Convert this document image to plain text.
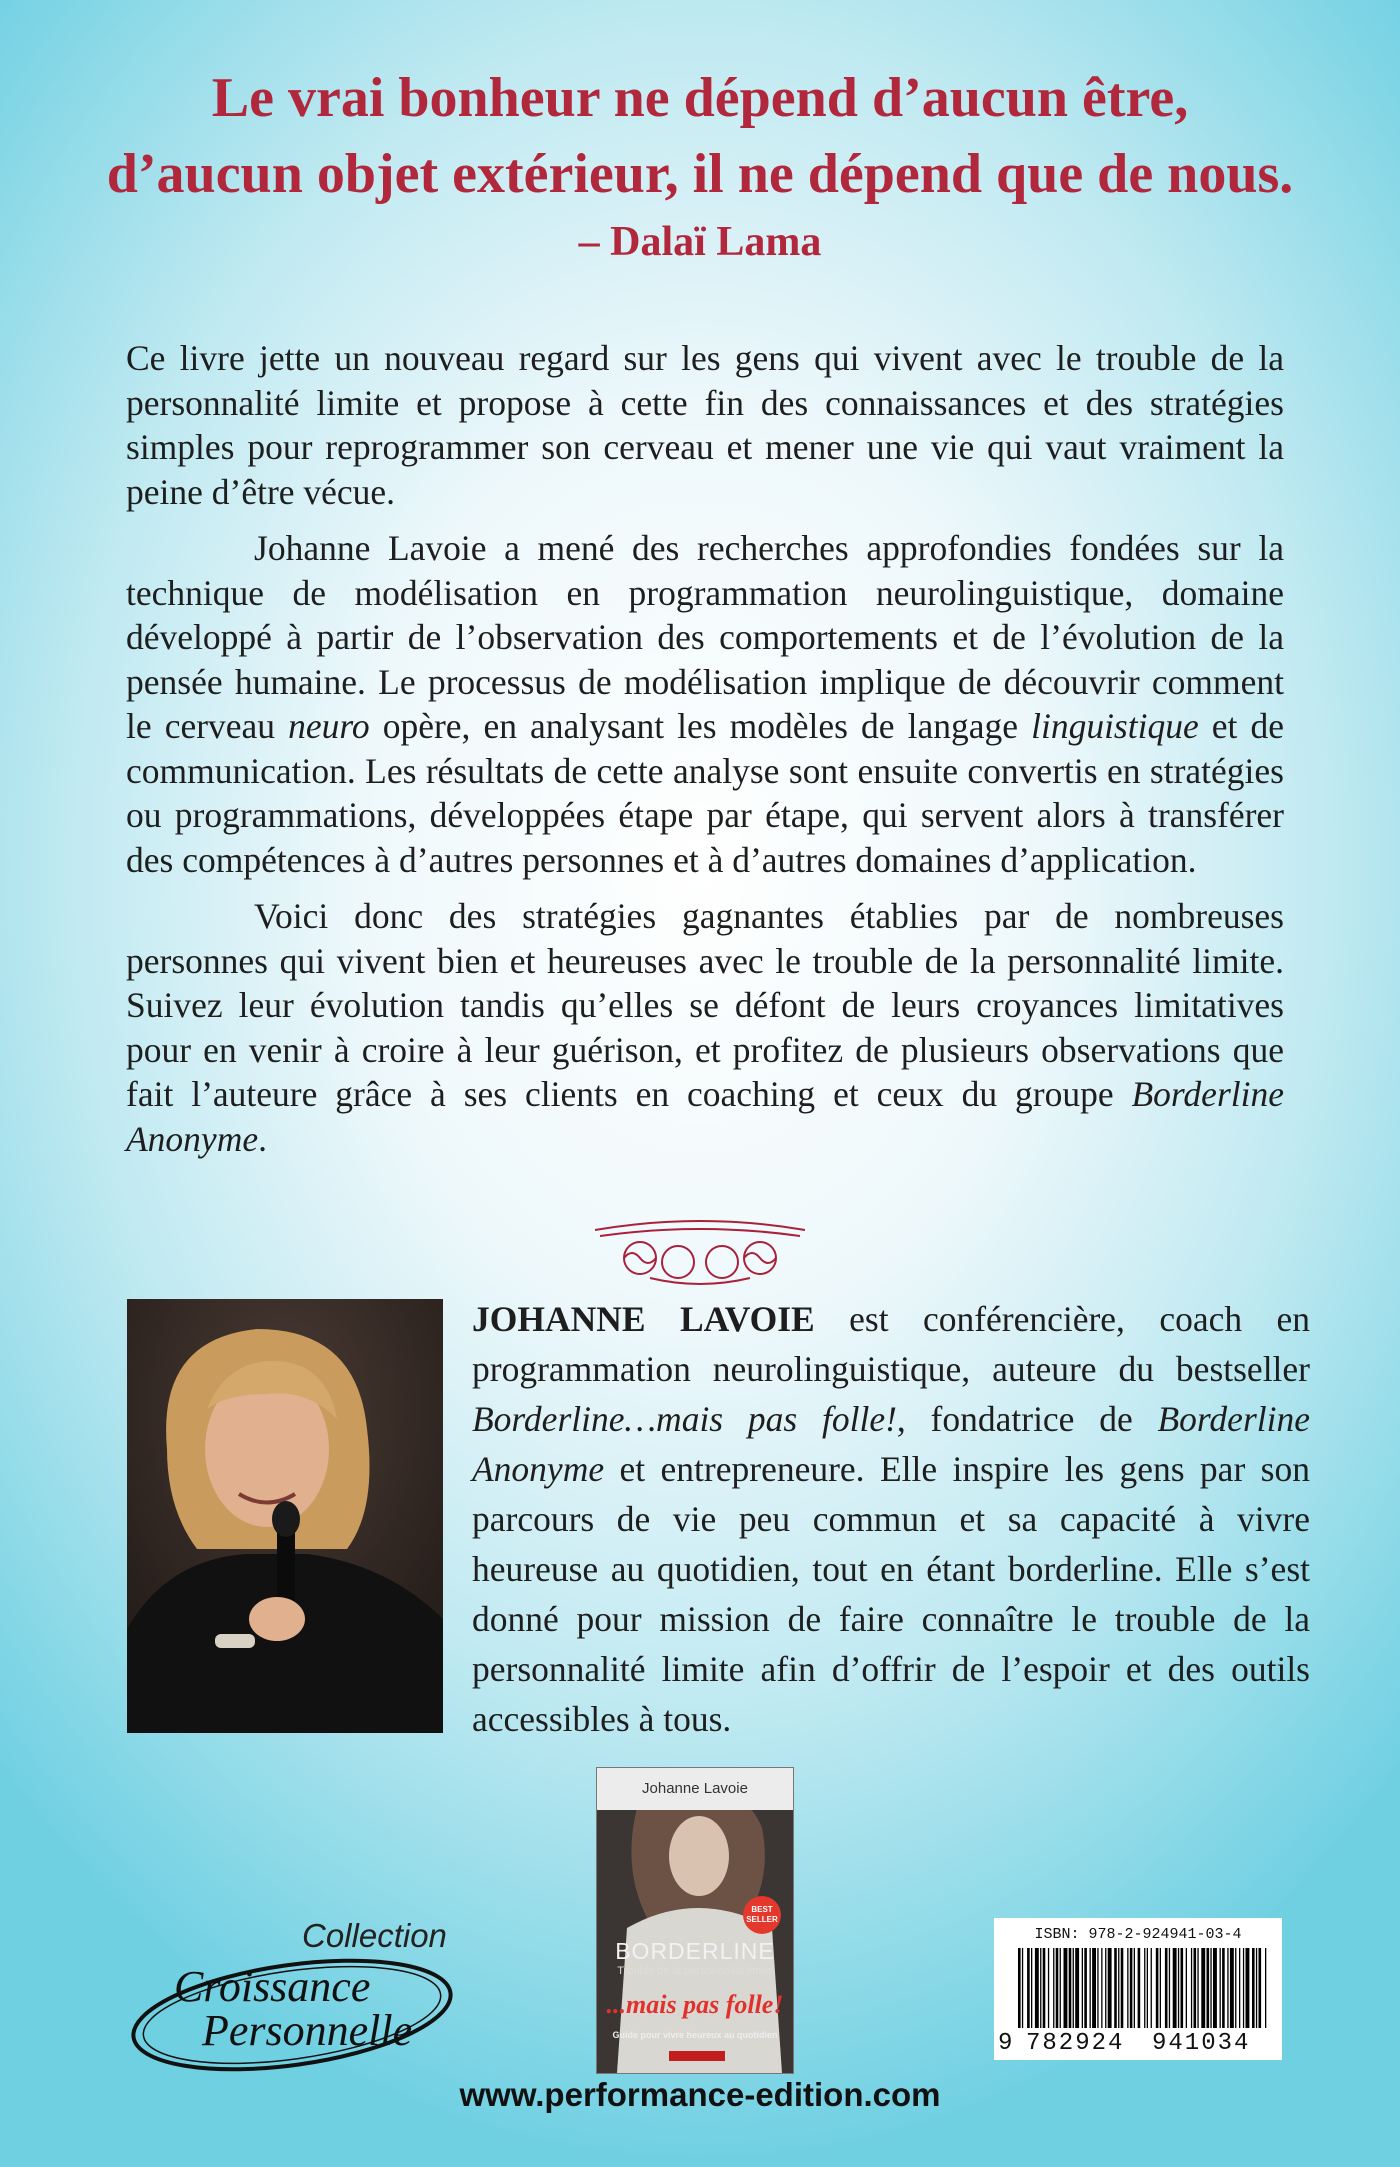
Le vrai bonheur ne dépend d’aucun être,
d’aucun objet extérieur, il ne dépend que de nous.
– Dalaï Lama

Ce livre jette un nouveau regard sur les gens qui vivent avec le trouble de la personnalité limite et propose à cette fin des connaissances et des stratégies simples pour reprogrammer son cerveau et mener une vie qui vaut vraiment la peine d’être vécue.

Johanne Lavoie a mené des recherches approfondies fondées sur la technique de modélisation en programmation neurolinguistique, domaine développé à partir de l’observation des comportements et de l’évolution de la pensée humaine. Le processus de modélisation implique de découvrir comment le cerveau neuro opère, en analysant les modèles de langage linguistique et de communication. Les résultats de cette analyse sont ensuite convertis en stratégies ou programmations, développées étape par étape, qui servent alors à transférer des compétences à d’autres personnes et à d’autres domaines d’application.

Voici donc des stratégies gagnantes établies par de nombreuses personnes qui vivent bien et heureuses avec le trouble de la personnalité limite. Suivez leur évolution tandis qu’elles se défont de leurs croyances limitatives pour en venir à croire à leur guérison, et profitez de plusieurs observations que fait l’auteure grâce à ses clients en coaching et ceux du groupe Borderline Anonyme.

JOHANNE LAVOIE est conférencière, coach en programmation neurolinguistique, auteure du bestseller Borderline…mais pas folle!, fondatrice de Borderline Anonyme et entrepreneure. Elle inspire les gens par son parcours de vie peu commun et sa capacité à vivre heureuse au quotidien, tout en étant borderline. Elle s’est donné pour mission de faire connaître le trouble de la personnalité limite afin d’offrir de l’espoir et des outils accessibles à tous.
Collection
Croissance
Personnelle
Johanne Lavoie
BEST SELLER
BORDERLINE
Trouble de la personnalité limite
...mais pas folle!
Guide pour vivre heureux au quotidien
ISBN: 978-2-924941-03-4
9 782924 941034
www.performance-edition.com
